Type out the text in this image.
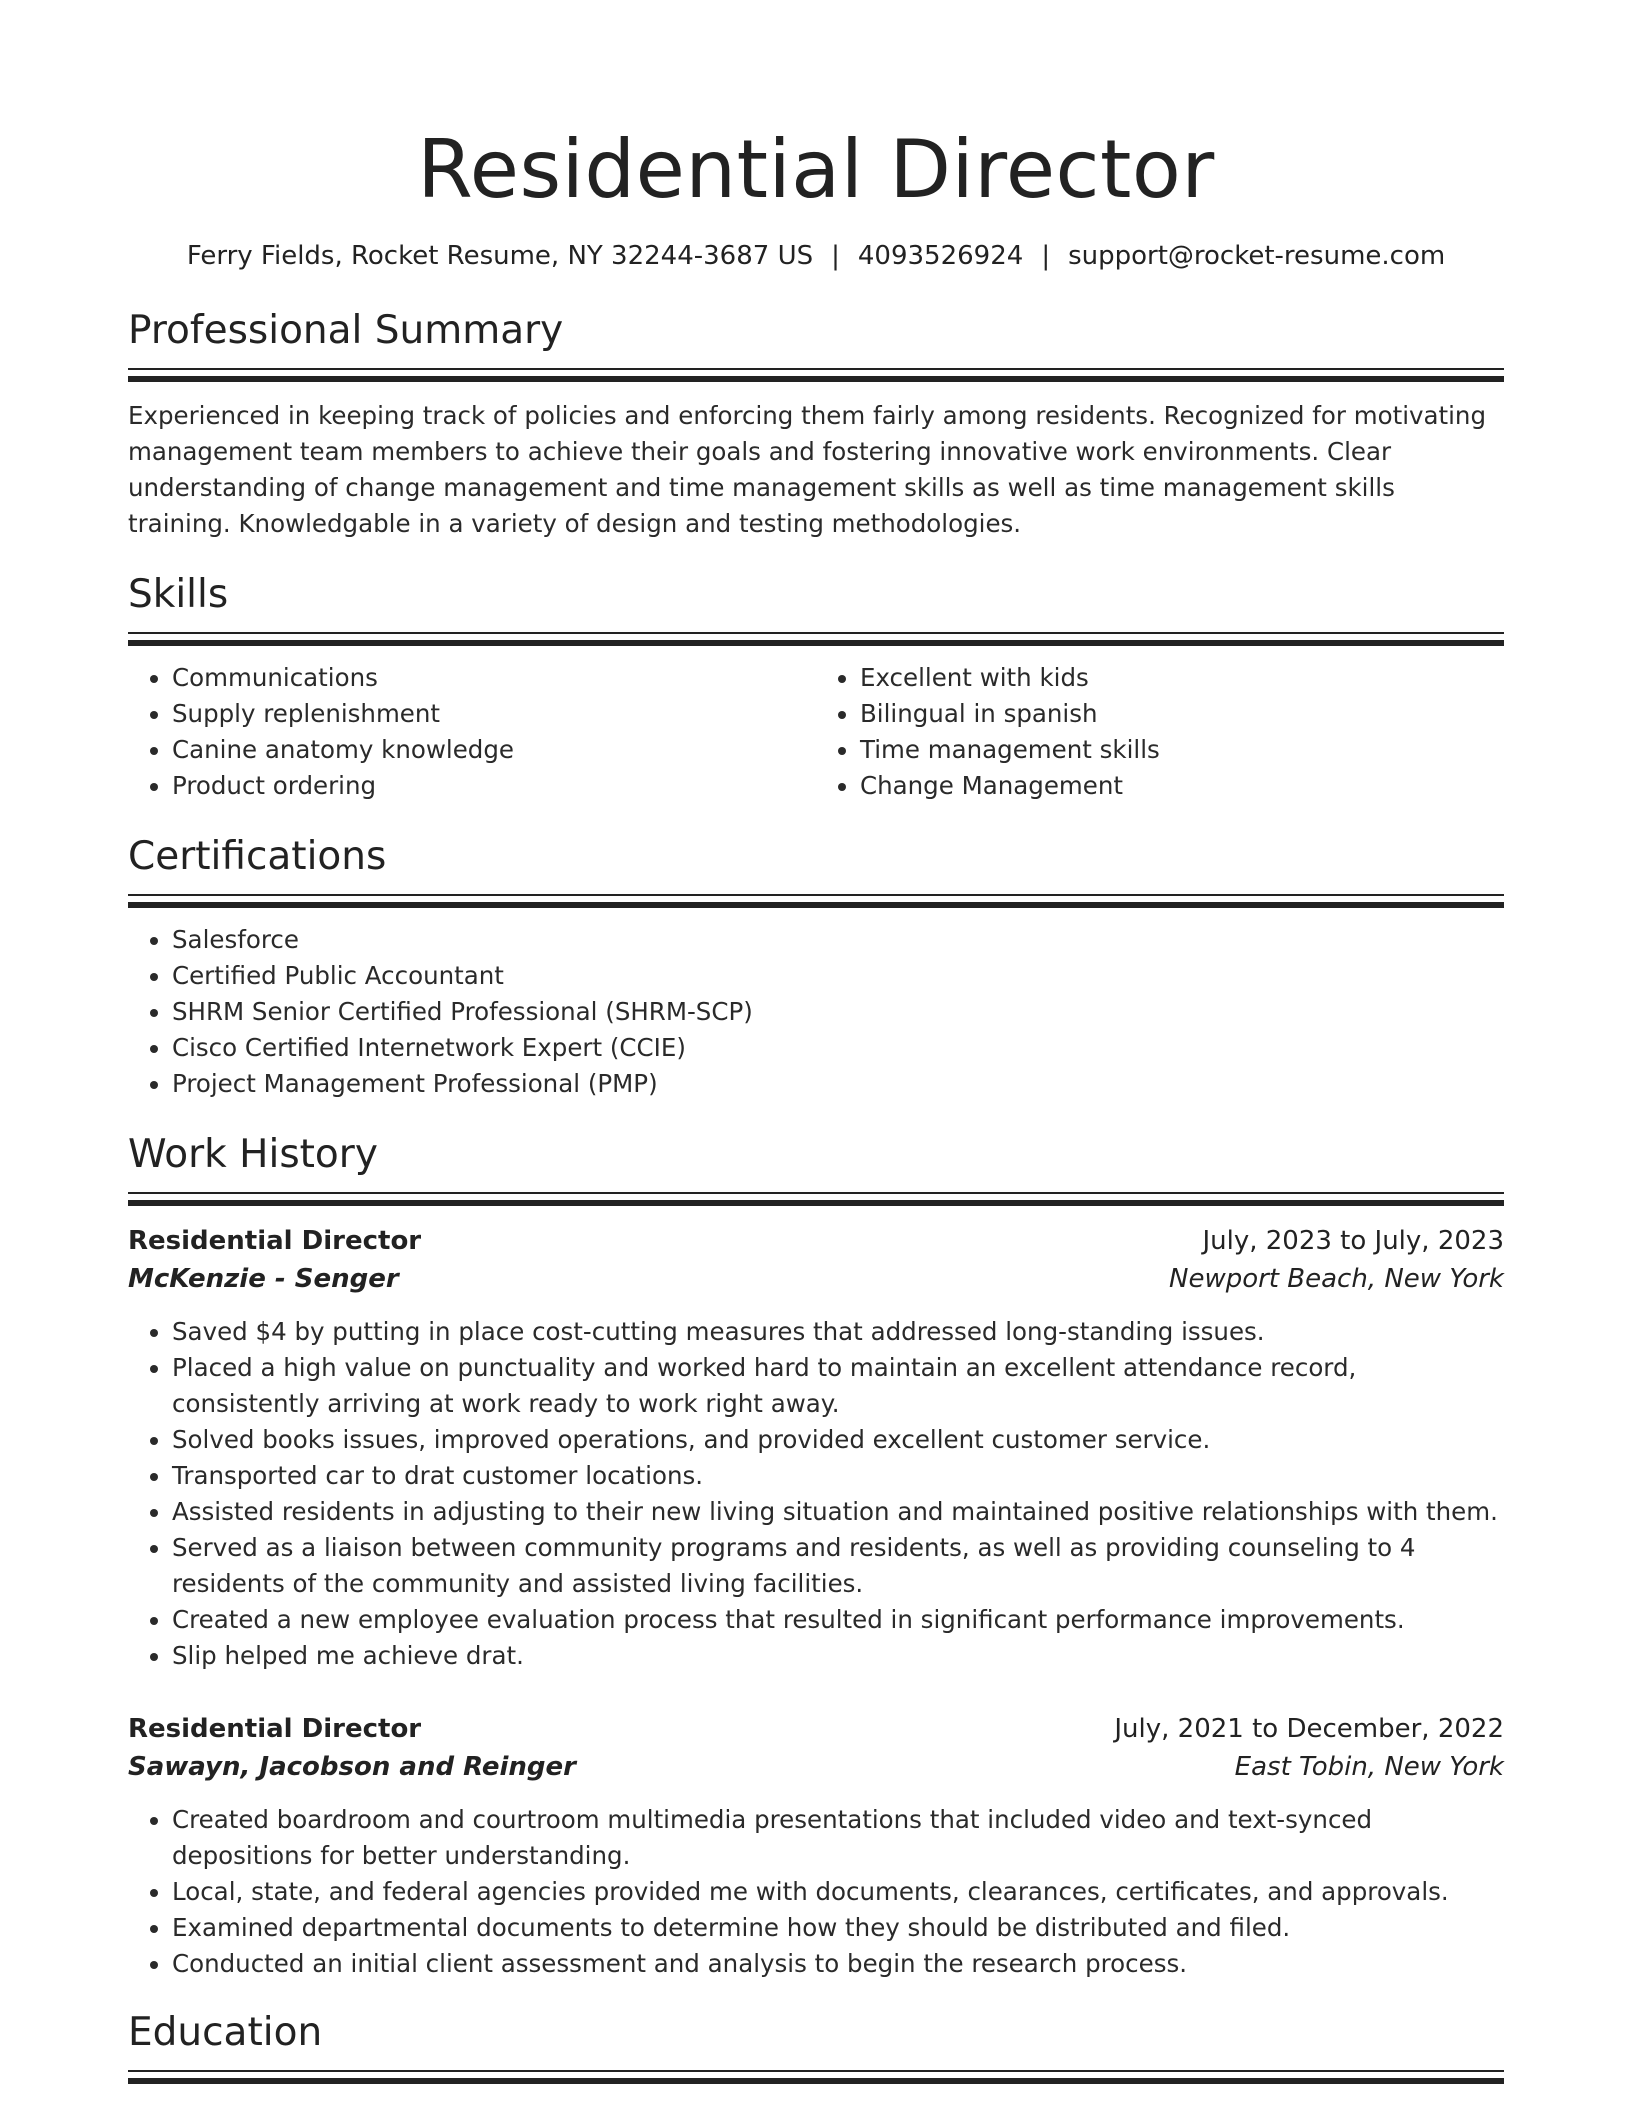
Residential Director
Ferry Fields, Rocket Resume, NY 32244-3687 US | 4093526924 | support@rocket-resume.com
Professional Summary

Experienced in keeping track of policies and enforcing them fairly among residents. Recognized for motivating management team members to achieve their goals and fostering innovative work environments. Clear understanding of change management and time management skills as well as time management skills training. Knowledgable in a variety of design and testing methodologies.

Skills
• Communications
• Supply replenishment
• Canine anatomy knowledge
• Product ordering
• Excellent with kids
• Bilingual in spanish
• Time management skills
• Change Management
Certifications
• Salesforce
• Certified Public Accountant
• SHRM Senior Certified Professional (SHRM-SCP)
• Cisco Certified Internetwork Expert (CCIE)
• Project Management Professional (PMP)
Work History
Residential Director	July, 2023 to July, 2023
McKenzie - Senger	Newport Beach, New York
• Saved $4 by putting in place cost-cutting measures that addressed long-standing issues.
• Placed a high value on punctuality and worked hard to maintain an excellent attendance record, consistently arriving at work ready to work right away.
• Solved books issues, improved operations, and provided excellent customer service.
• Transported car to drat customer locations.
• Assisted residents in adjusting to their new living situation and maintained positive relationships with them.
• Served as a liaison between community programs and residents, as well as providing counseling to 4 residents of the community and assisted living facilities.
• Created a new employee evaluation process that resulted in significant performance improvements.
• Slip helped me achieve drat.
Residential Director	July, 2021 to December, 2022
Sawayn, Jacobson and Reinger	East Tobin, New York
• Created boardroom and courtroom multimedia presentations that included video and text-synced depositions for better understanding.
• Local, state, and federal agencies provided me with documents, clearances, certificates, and approvals.
• Examined departmental documents to determine how they should be distributed and filed.
• Conducted an initial client assessment and analysis to begin the research process.
Education
